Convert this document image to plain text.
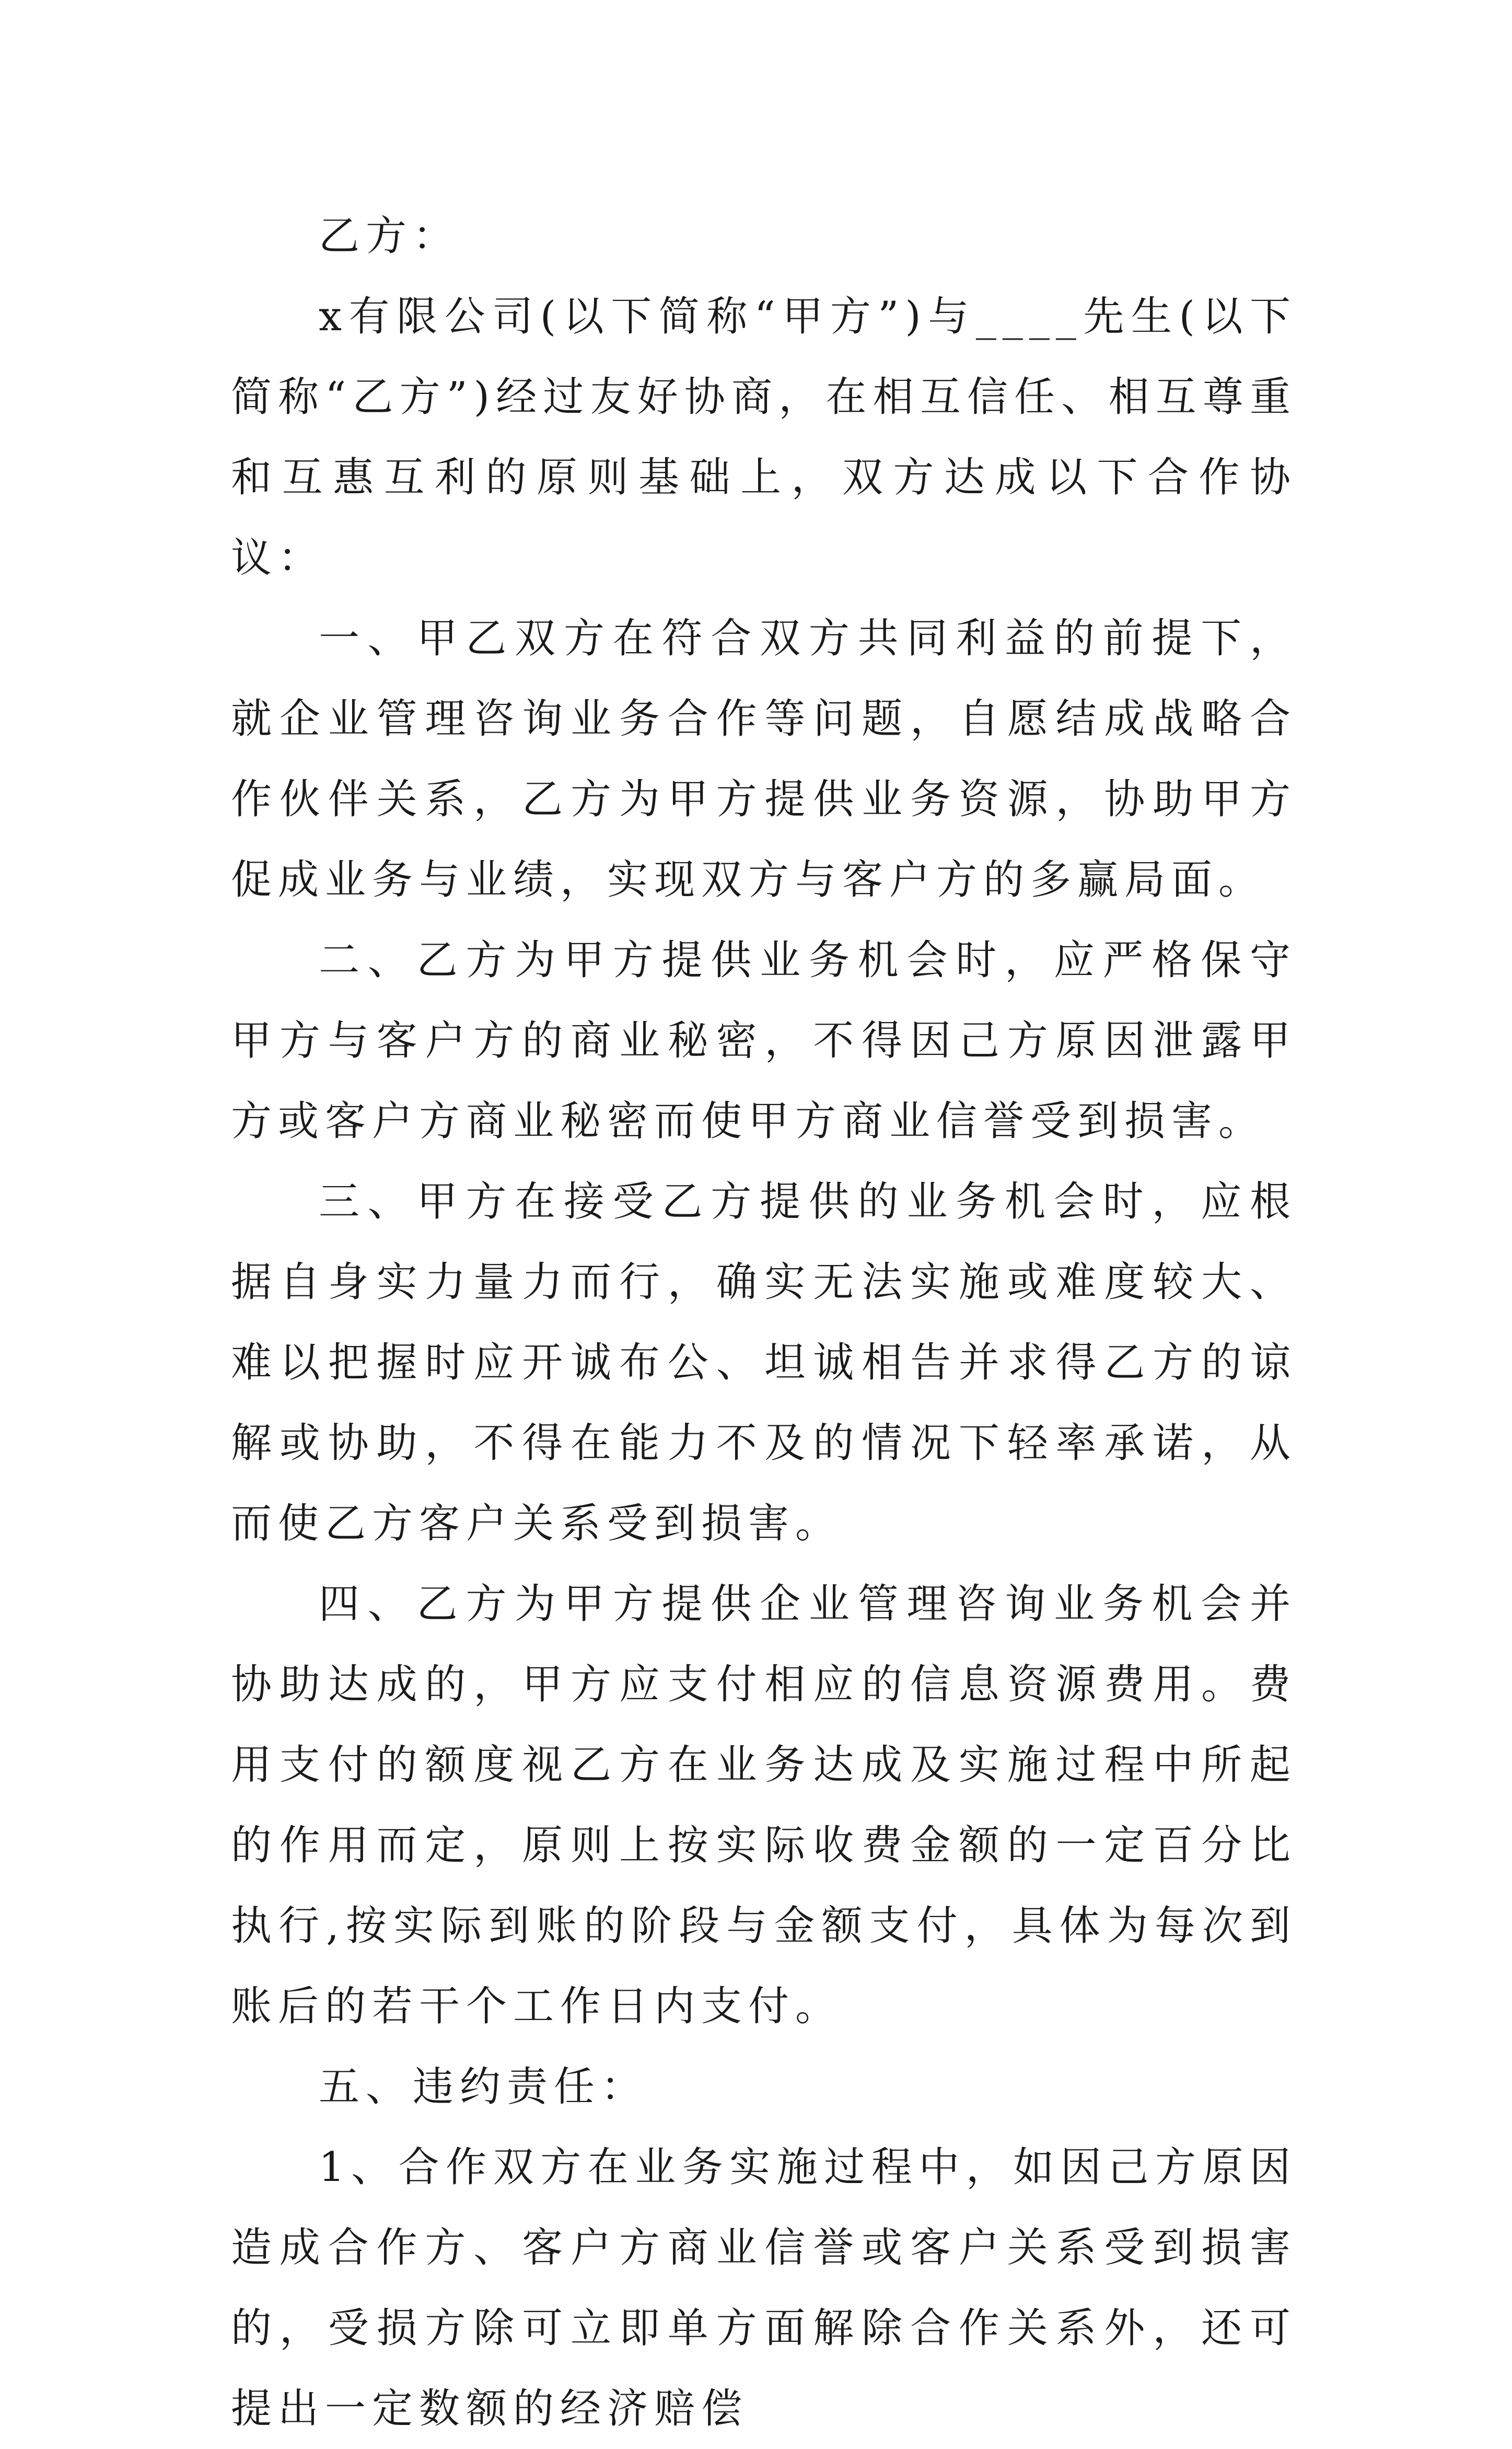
乙方：

x有限公司(以下简称“甲方”)与____先生(以下简称“乙方”)经过友好协商，在相互信任、相互尊重和互惠互利的原则基础上，双方达成以下合作协议：

一、甲乙双方在符合双方共同利益的前提下，就企业管理咨询业务合作等问题，自愿结成战略合作伙伴关系，乙方为甲方提供业务资源，协助甲方促成业务与业绩，实现双方与客户方的多赢局面。

二、乙方为甲方提供业务机会时，应严格保守甲方与客户方的商业秘密，不得因己方原因泄露甲方或客户方商业秘密而使甲方商业信誉受到损害。

三、甲方在接受乙方提供的业务机会时，应根据自身实力量力而行，确实无法实施或难度较大、难以把握时应开诚布公、坦诚相告并求得乙方的谅解或协助，不得在能力不及的情况下轻率承诺，从而使乙方客户关系受到损害。

四、乙方为甲方提供企业管理咨询业务机会并协助达成的，甲方应支付相应的信息资源费用。费用支付的额度视乙方在业务达成及实施过程中所起的作用而定，原则上按实际收费金额的一定百分比执行,按实际到账的阶段与金额支付，具体为每次到账后的若干个工作日内支付。

五、违约责任：

1、合作双方在业务实施过程中，如因己方原因造成合作方、客户方商业信誉或客户关系受到损害的，受损方除可立即单方面解除合作关系外，还可提出一定数额的经济赔偿
